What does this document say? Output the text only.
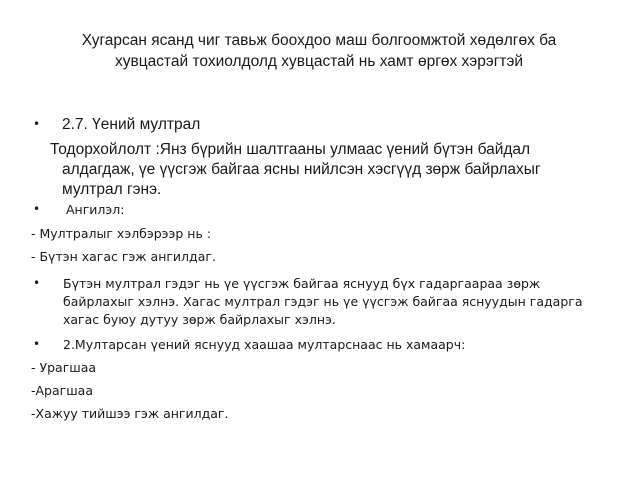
Хугарсан ясанд чиг тавьж боохдоо маш болгоомжтой хөдөлгөх ба
хувцастай тохиолдолд хувцастай нь хамт өргөх хэрэгтэй
• 2.7. Үений мултрал

Тодорхойлолт :Янз бүрийн шалтгааны улмаас үений бүтэн байдал

алдагдаж, үе үүсгэж байгаа ясны нийлсэн хэсгүүд зөрж байрлахыг

мултрал гэнэ.

• Ангилэл:

- Мултралыг хэлбэрээр нь :

- Бүтэн хагас гэж ангилдаг.

• Бүтэн мултрал гэдэг нь үе үүсгэж байгаа яснууд бүх гадаргаараа зөрж

байрлахыг хэлнэ. Хагас мултрал гэдэг нь үе үүсгэж байгаа яснуудын гадарга

хагас буюу дутуу зөрж байрлахыг хэлнэ.

• 2.Мултарсан үений яснууд хаашаа мултарснаас нь хамаарч:

- Урагшаа

-Арагшаа

-Хажуу тийшээ гэж ангилдаг.
